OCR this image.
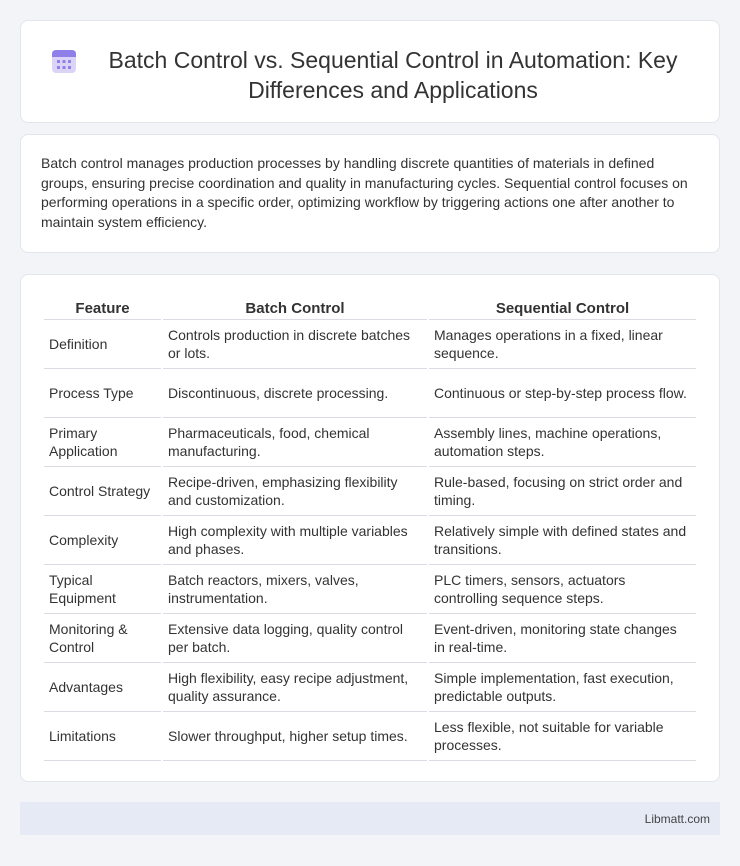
Batch Control vs. Sequential Control in Automation: Key Differences and Applications

Batch control manages production processes by handling discrete quantities of materials in defined groups, ensuring precise coordination and quality in manufacturing cycles. Sequential control focuses on performing operations in a specific order, optimizing workflow by triggering actions one after another to maintain system efficiency.

Feature	Batch Control	Sequential Control
Definition	Controls production in discrete batches or lots.	Manages operations in a fixed, linear sequence.
Process Type	Discontinuous, discrete processing.	Continuous or step-by-step process flow.
Primary Application	Pharmaceuticals, food, chemical manufacturing.	Assembly lines, machine operations, automation steps.
Control Strategy	Recipe-driven, emphasizing flexibility and customization.	Rule-based, focusing on strict order and timing.
Complexity	High complexity with multiple variables and phases.	Relatively simple with defined states and transitions.
Typical Equipment	Batch reactors, mixers, valves, instrumentation.	PLC timers, sensors, actuators controlling sequence steps.
Monitoring & Control	Extensive data logging, quality control per batch.	Event-driven, monitoring state changes in real-time.
Advantages	High flexibility, easy recipe adjustment, quality assurance.	Simple implementation, fast execution, predictable outputs.
Limitations	Slower throughput, higher setup times.	Less flexible, not suitable for variable processes.
Libmatt.com
